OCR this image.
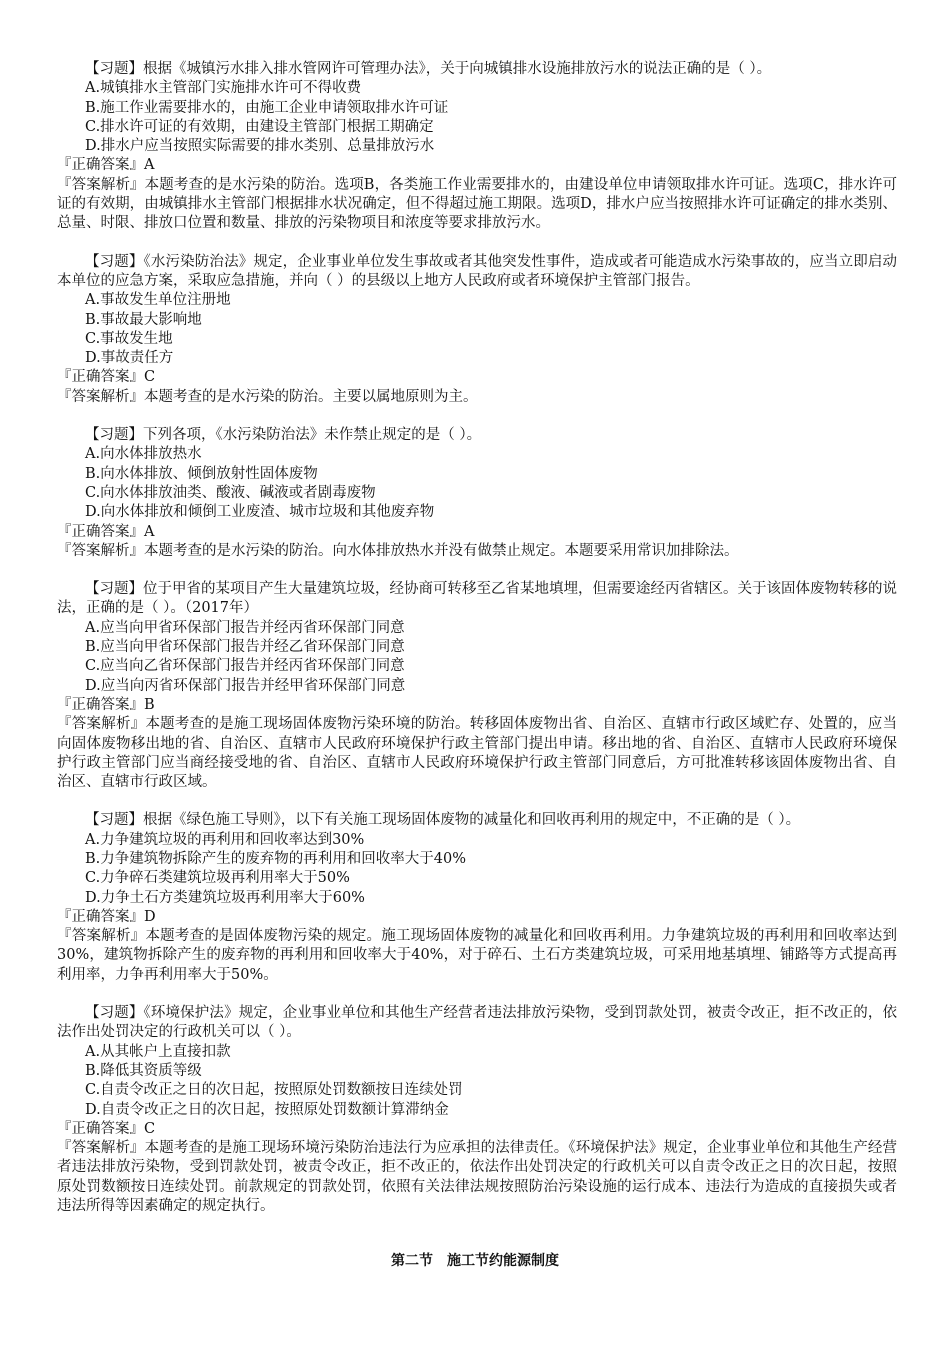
【习题】根据《城镇污水排入排水管网许可管理办法》，关于向城镇排水设施排放污水的说法正确的是（ ）。
A.城镇排水主管部门实施排水许可不得收费
B.施工作业需要排水的，由施工企业申请领取排水许可证
C.排水许可证的有效期，由建设主管部门根据工期确定
D.排水户应当按照实际需要的排水类别、总量排放污水
『正确答案』A
『答案解析』本题考查的是水污染的防治。选项B，各类施工作业需要排水的，由建设单位申请领取排水许可证。选项C，排水许可证的有效期，由城镇排水主管部门根据排水状况确定，但不得超过施工期限。选项D，排水户应当按照排水许可证确定的排水类别、总量、时限、排放口位置和数量、排放的污染物项目和浓度等要求排放污水。
【习题】《水污染防治法》规定，企业事业单位发生事故或者其他突发性事件，造成或者可能造成水污染事故的，应当立即启动本单位的应急方案，采取应急措施，并向（ ）的县级以上地方人民政府或者环境保护主管部门报告。
A.事故发生单位注册地
B.事故最大影响地
C.事故发生地
D.事故责任方
『正确答案』C
『答案解析』本题考查的是水污染的防治。主要以属地原则为主。
【习题】下列各项，《水污染防治法》未作禁止规定的是（ ）。
A.向水体排放热水
B.向水体排放、倾倒放射性固体废物
C.向水体排放油类、酸液、碱液或者剧毒废物
D.向水体排放和倾倒工业废渣、城市垃圾和其他废弃物
『正确答案』A
『答案解析』本题考查的是水污染的防治。向水体排放热水并没有做禁止规定。本题要采用常识加排除法。
【习题】位于甲省的某项目产生大量建筑垃圾，经协商可转移至乙省某地填埋，但需要途经丙省辖区。关于该固体废物转移的说法，正确的是（ ）。（2017年）
A.应当向甲省环保部门报告并经丙省环保部门同意
B.应当向甲省环保部门报告并经乙省环保部门同意
C.应当向乙省环保部门报告并经丙省环保部门同意
D.应当向丙省环保部门报告并经甲省环保部门同意
『正确答案』B
『答案解析』本题考查的是施工现场固体废物污染环境的防治。转移固体废物出省、自治区、直辖市行政区域贮存、处置的，应当向固体废物移出地的省、自治区、直辖市人民政府环境保护行政主管部门提出申请。移出地的省、自治区、直辖市人民政府环境保护行政主管部门应当商经接受地的省、自治区、直辖市人民政府环境保护行政主管部门同意后，方可批准转移该固体废物出省、自治区、直辖市行政区域。
【习题】根据《绿色施工导则》，以下有关施工现场固体废物的减量化和回收再利用的规定中，不正确的是（ ）。
A.力争建筑垃圾的再利用和回收率达到30%
B.力争建筑物拆除产生的废弃物的再利用和回收率大于40%
C.力争碎石类建筑垃圾再利用率大于50%
D.力争土石方类建筑垃圾再利用率大于60%
『正确答案』D
『答案解析』本题考查的是固体废物污染的规定。施工现场固体废物的减量化和回收再利用。力争建筑垃圾的再利用和回收率达到30%，建筑物拆除产生的废弃物的再利用和回收率大于40%，对于碎石、土石方类建筑垃圾，可采用地基填埋、铺路等方式提高再利用率，力争再利用率大于50%。
【习题】《环境保护法》规定，企业事业单位和其他生产经营者违法排放污染物，受到罚款处罚，被责令改正，拒不改正的，依法作出处罚决定的行政机关可以（ ）。
A.从其帐户上直接扣款
B.降低其资质等级
C.自责令改正之日的次日起，按照原处罚数额按日连续处罚
D.自责令改正之日的次日起，按照原处罚数额计算滞纳金
『正确答案』C
『答案解析』本题考查的是施工现场环境污染防治违法行为应承担的法律责任。《环境保护法》规定，企业事业单位和其他生产经营者违法排放污染物，受到罚款处罚，被责令改正，拒不改正的，依法作出处罚决定的行政机关可以自责令改正之日的次日起，按照原处罚数额按日连续处罚。前款规定的罚款处罚，依照有关法律法规按照防治污染设施的运行成本、违法行为造成的直接损失或者违法所得等因素确定的规定执行。
第二节　施工节约能源制度
